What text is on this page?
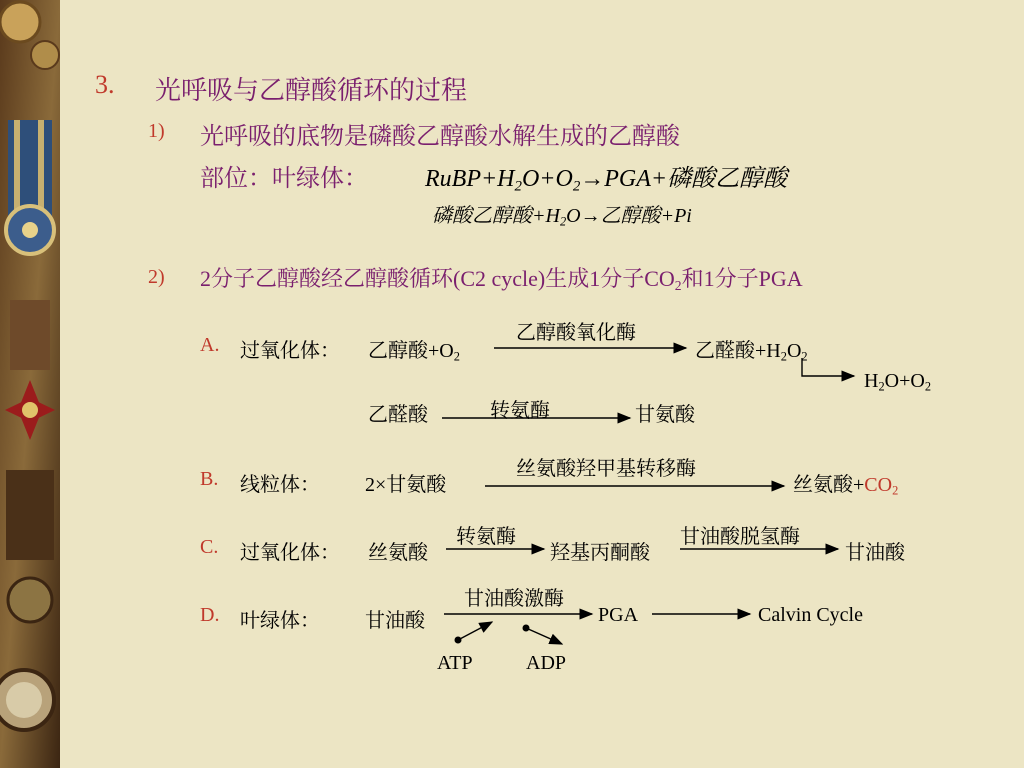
3. 光呼吸与乙醇酸循环的过程
1) 光呼吸的底物是磷酸乙醇酸水解生成的乙醇酸
部位：叶绿体： $RuBP+H_2O+O_2\to PGA+$磷酸乙醇酸
磷酸乙醇酸$+H_2O\to$乙醇酸+Pi
2) 2分子乙醇酸经乙醇酸循环(C2 cycle)生成1分子$CO_2$和1分子PGA
A. 过氧化体： 乙醇酸$+O_2$
乙醇酸氧化酶
乙醛酸$+H_2O_2$
$H_2O+O_2$
乙醛酸	转氨酶	甘氨酸
B. 线粒体： 2×甘氨酸
丝氨酸羟甲基转移酶
丝氨酸$+CO_2$
C. 过氧化体： 丝氨酸
转氨酶
羟基丙酮酸
甘油酸脱氢酶
甘油酸
D. 叶绿体： 甘油酸
甘油酸激酶
PGA	Calvin Cycle
ATP	ADP
